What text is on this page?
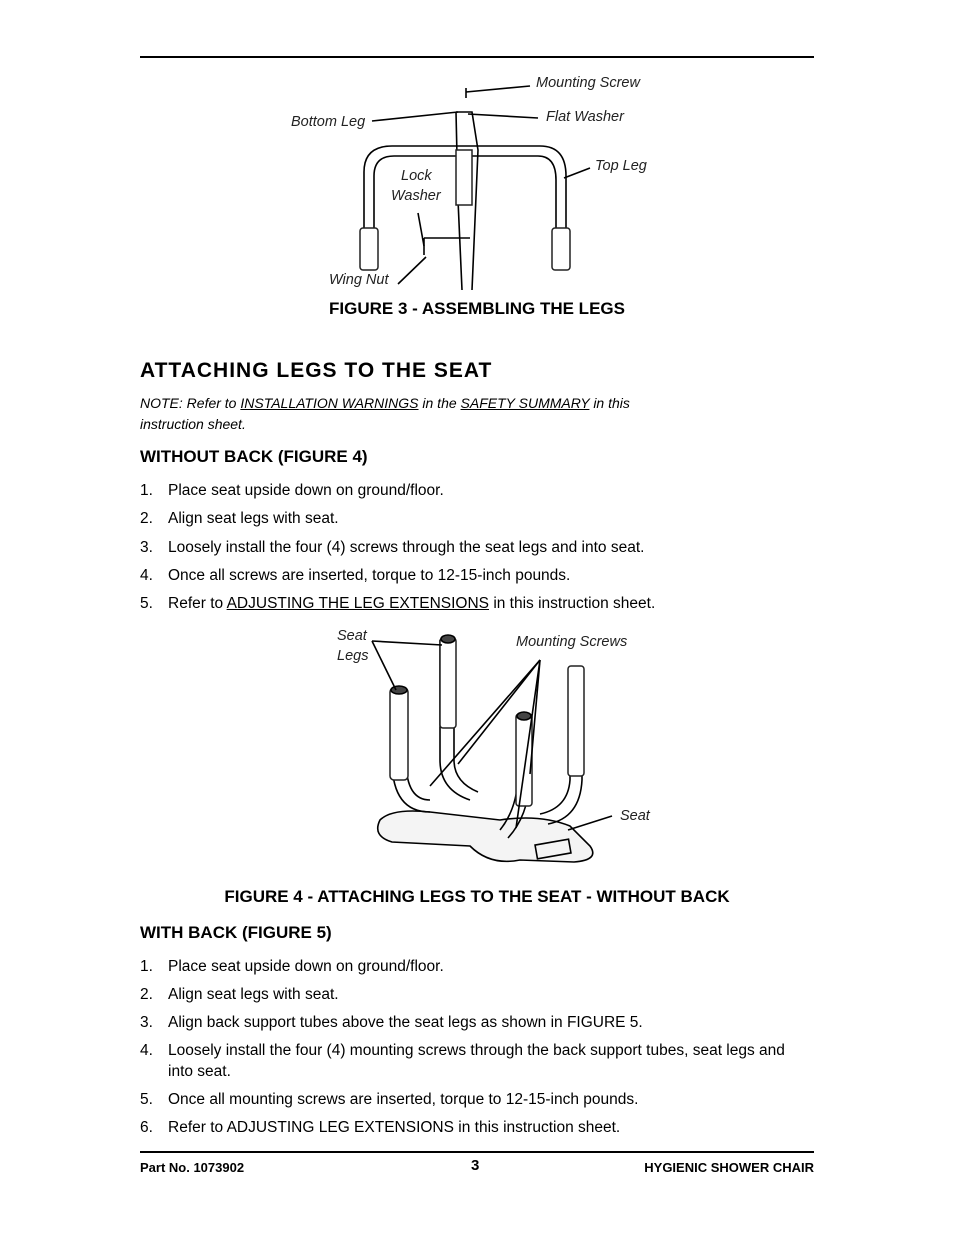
Mounting Screw
Flat Washer
Bottom Leg
Top Leg
Lock
Washer
Wing Nut
FIGURE 3 - ASSEMBLING THE LEGS
ATTACHING LEGS TO THE SEAT
NOTE: Refer to INSTALLATION WARNINGS in the SAFETY SUMMARY in this instruction sheet.
WITHOUT BACK (FIGURE 4)
1. Place seat upside down on ground/floor.
2. Align seat legs with seat.
3. Loosely install the four (4) screws through the seat legs and into seat.
4. Once all screws are inserted, torque to 12-15-inch pounds.
5. Refer to ADJUSTING THE LEG EXTENSIONS in this instruction sheet.
Seat
Legs
Mounting Screws
Seat
FIGURE 4 - ATTACHING LEGS TO THE SEAT - WITHOUT BACK
WITH BACK (FIGURE 5)
1. Place seat upside down on ground/floor.
2. Align seat legs with seat.
3. Align back support tubes above the seat legs as shown in FIGURE 5.
4. Loosely install the four (4) mounting screws through the back support tubes, seat legs and into seat.
5. Once all mounting screws are inserted, torque to 12-15-inch pounds.
6. Refer to ADJUSTING LEG EXTENSIONS in this instruction sheet.
Part No. 1073902	3	HYGIENIC SHOWER CHAIR
